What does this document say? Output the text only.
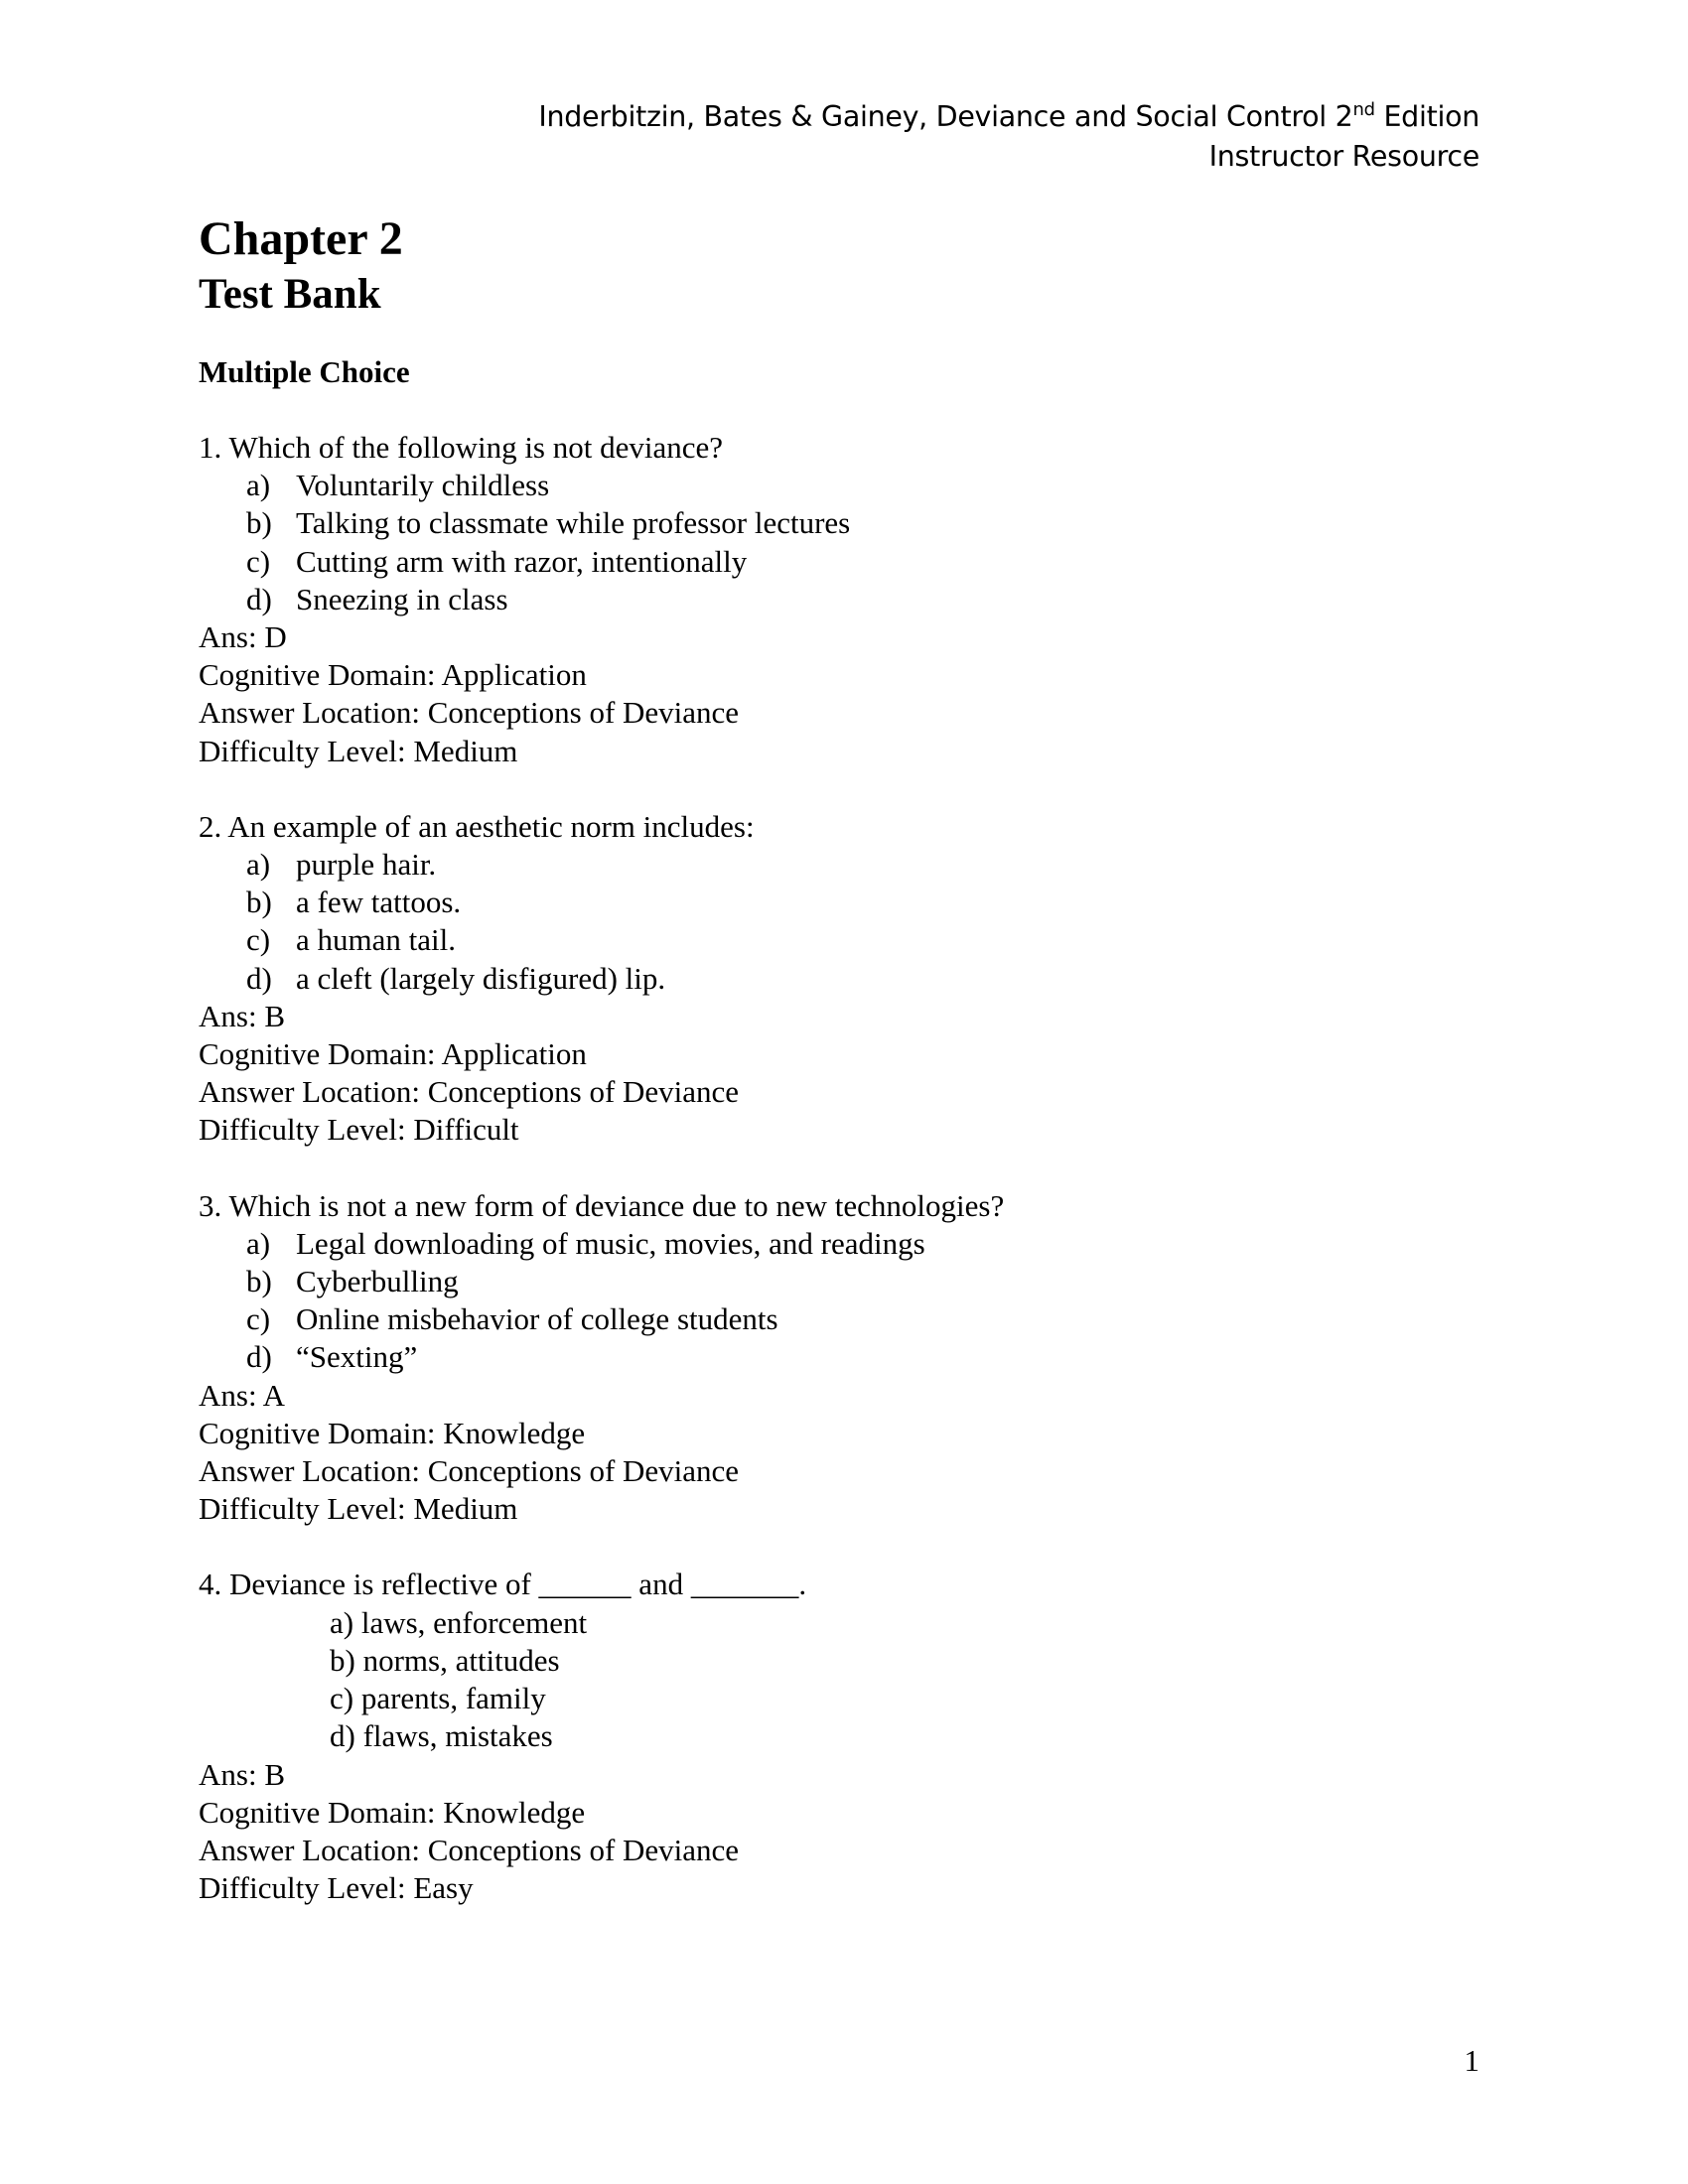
Inderbitzin, Bates & Gainey, Deviance and Social Control 2nd Edition
Instructor Resource
Chapter 2
Test Bank
Multiple Choice
1. Which of the following is not deviance?
a) Voluntarily childless
b) Talking to classmate while professor lectures
c) Cutting arm with razor, intentionally
d) Sneezing in class
Ans: D
Cognitive Domain: Application
Answer Location: Conceptions of Deviance
Difficulty Level: Medium
2. An example of an aesthetic norm includes:
a) purple hair.
b) a few tattoos.
c) a human tail.
d) a cleft (largely disfigured) lip.
Ans: B
Cognitive Domain: Application
Answer Location: Conceptions of Deviance
Difficulty Level: Difficult
3. Which is not a new form of deviance due to new technologies?
a) Legal downloading of music, movies, and readings
b) Cyberbulling
c) Online misbehavior of college students
d) “Sexting”
Ans: A
Cognitive Domain: Knowledge
Answer Location: Conceptions of Deviance
Difficulty Level: Medium
4. Deviance is reflective of ______ and _______.
a) laws, enforcement
b) norms, attitudes
c) parents, family
d) flaws, mistakes
Ans: B
Cognitive Domain: Knowledge
Answer Location: Conceptions of Deviance
Difficulty Level: Easy
1
